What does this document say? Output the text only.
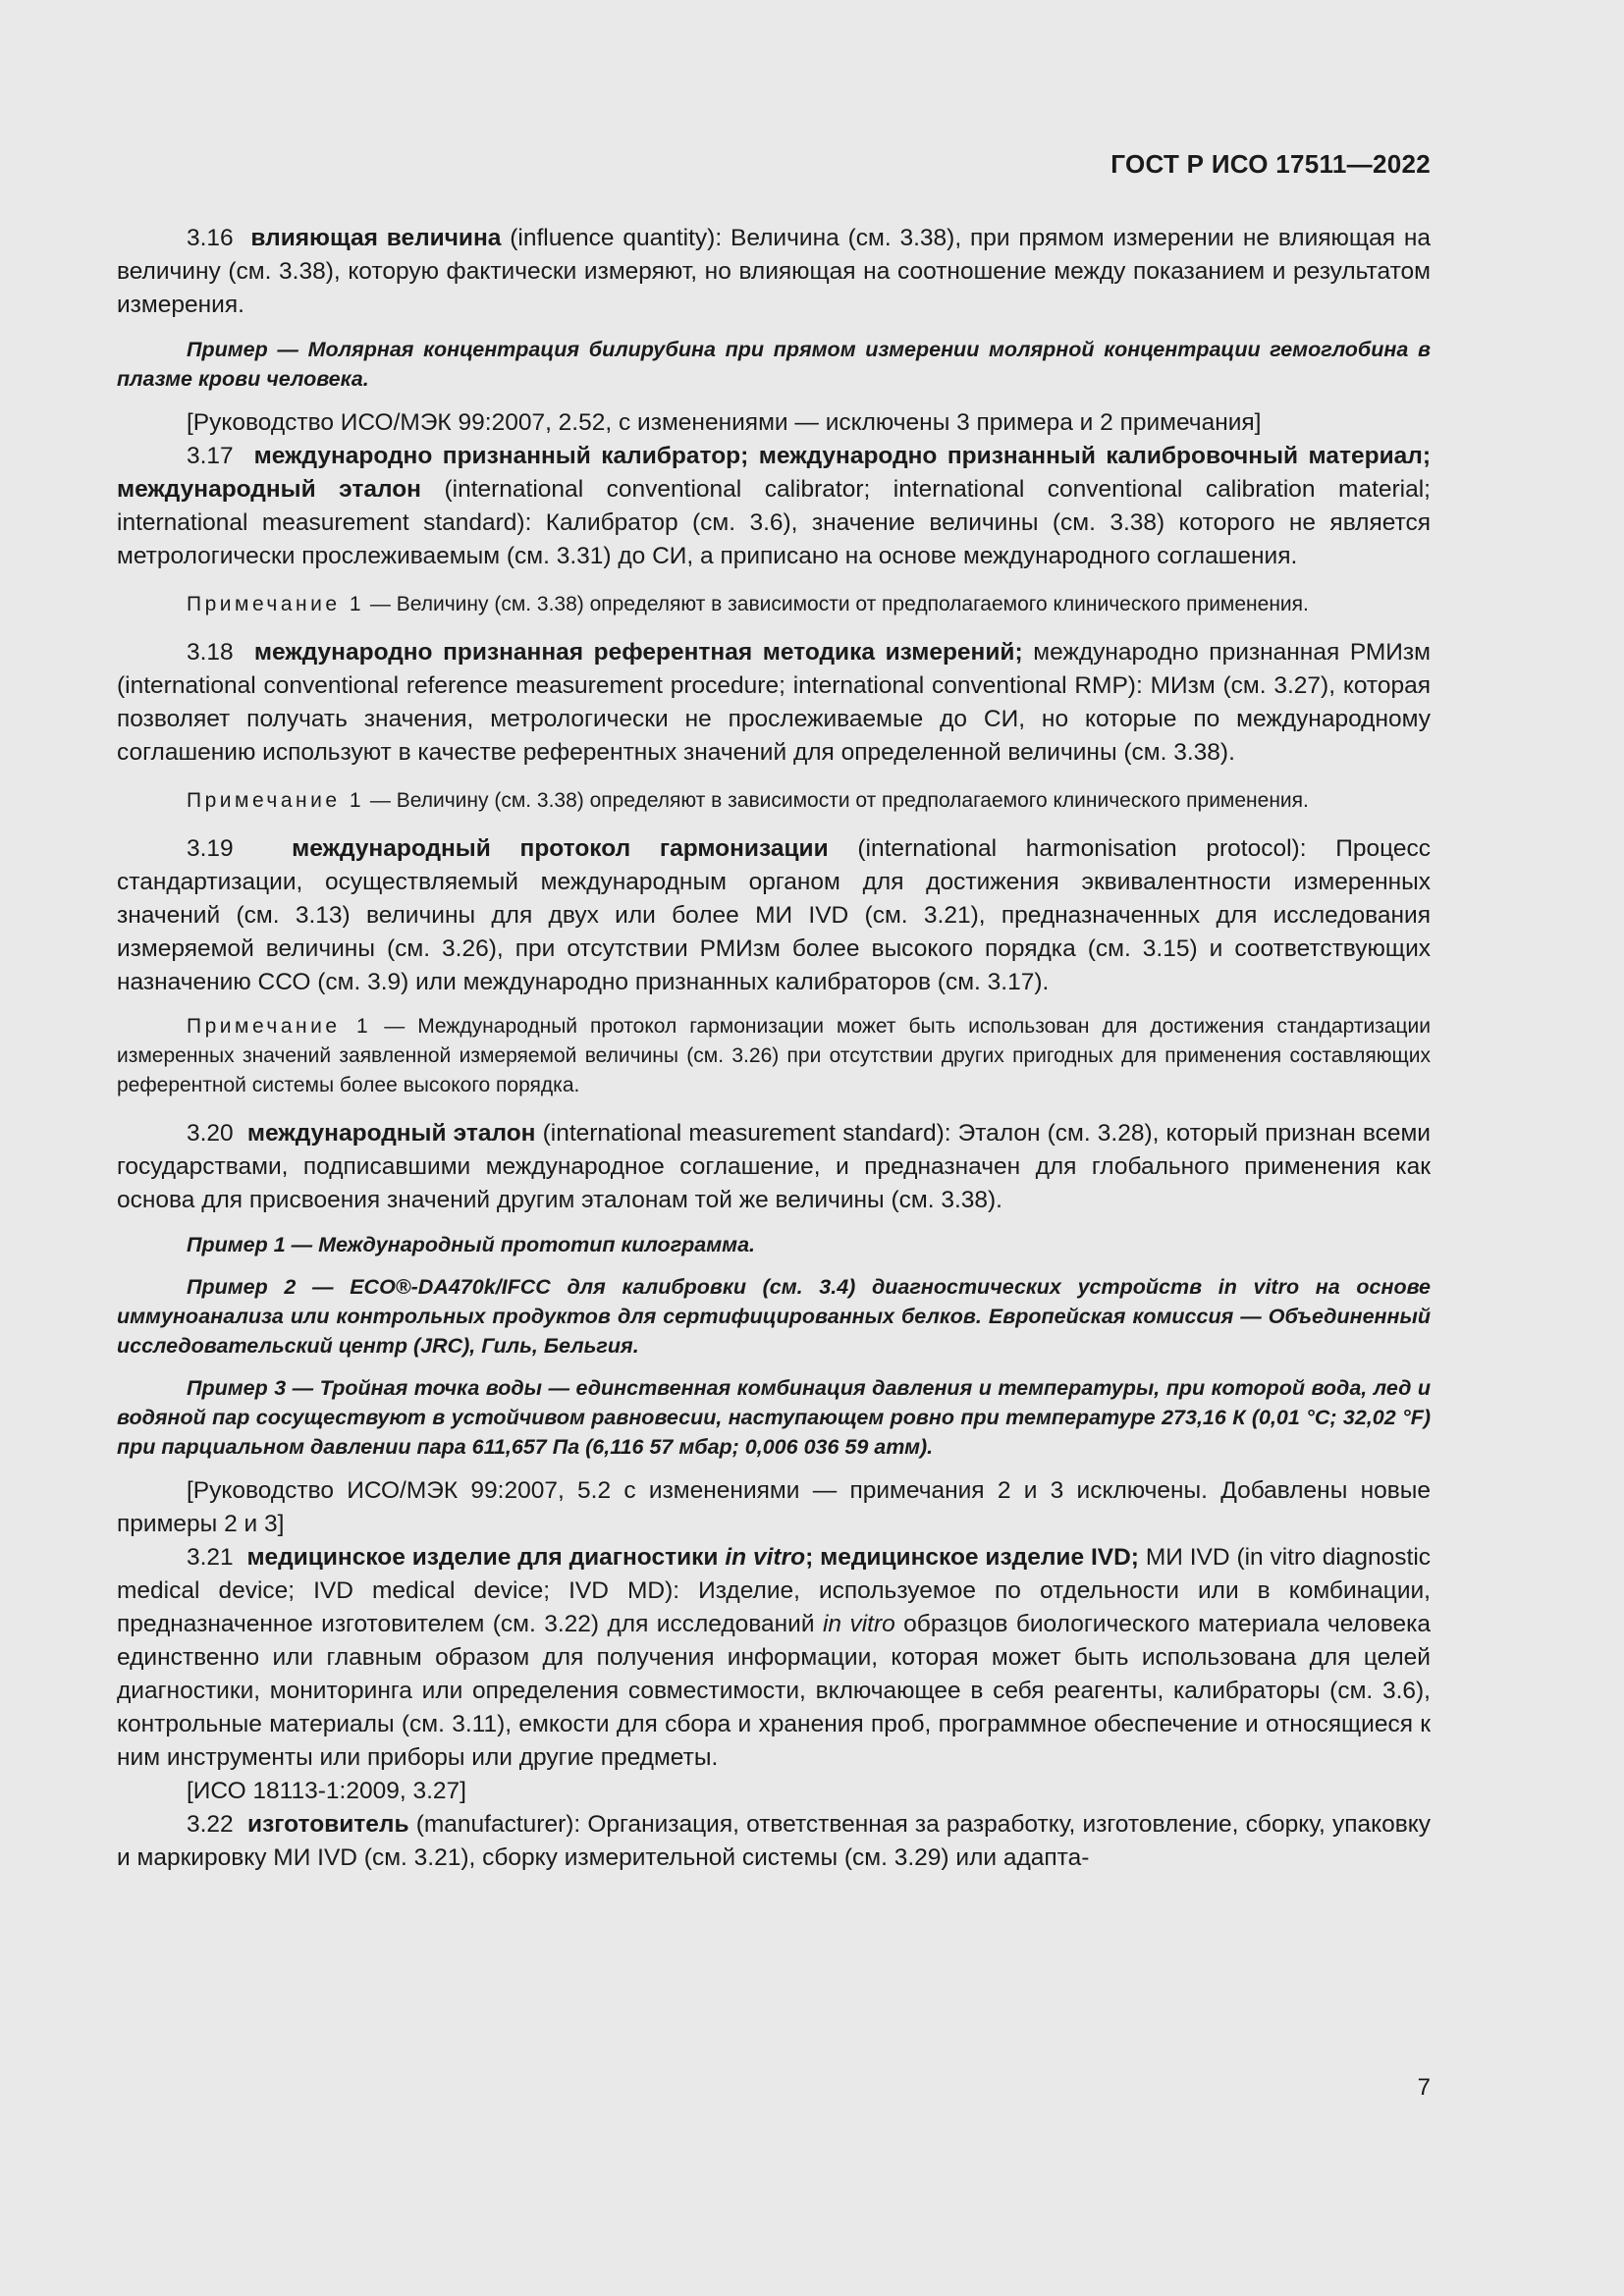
ГОСТ Р ИСО 17511—2022

3.16 влияющая величина (influence quantity): Величина (см. 3.38), при прямом измерении не влияющая на величину (см. 3.38), которую фактически измеряют, но влияющая на соотношение между показанием и результатом измерения.

Пример — Молярная концентрация билирубина при прямом измерении молярной концентрации гемоглобина в плазме крови человека.

[Руководство ИСО/МЭК 99:2007, 2.52, с изменениями — исключены 3 примера и 2 примечания]

3.17 международно признанный калибратор; международно признанный калибровочный материал; международный эталон (international conventional calibrator; international conventional calibration material; international measurement standard): Калибратор (см. 3.6), значение величины (см. 3.38) которого не является метрологически прослеживаемым (см. 3.31) до СИ, а приписано на основе международного соглашения.

Примечание 1 — Величину (см. 3.38) определяют в зависимости от предполагаемого клинического применения.

3.18 международно признанная референтная методика измерений; международно признанная РМИзм (international conventional reference measurement procedure; international conventional RMP): МИзм (см. 3.27), которая позволяет получать значения, метрологически не прослеживаемые до СИ, но которые по международному соглашению используют в качестве референтных значений для определенной величины (см. 3.38).

Примечание 1 — Величину (см. 3.38) определяют в зависимости от предполагаемого клинического применения.

3.19 международный протокол гармонизации (international harmonisation protocol): Процесс стандартизации, осуществляемый международным органом для достижения эквивалентности измеренных значений (см. 3.13) величины для двух или более МИ IVD (см. 3.21), предназначенных для исследования измеряемой величины (см. 3.26), при отсутствии РМИзм более высокого порядка (см. 3.15) и соответствующих назначению ССО (см. 3.9) или международно признанных калибраторов (см. 3.17).

Примечание 1 — Международный протокол гармонизации может быть использован для достижения стандартизации измеренных значений заявленной измеряемой величины (см. 3.26) при отсутствии других пригодных для применения составляющих референтной системы более высокого порядка.

3.20 международный эталон (international measurement standard): Эталон (см. 3.28), который признан всеми государствами, подписавшими международное соглашение, и предназначен для глобального применения как основа для присвоения значений другим эталонам той же величины (см. 3.38).

Пример 1 — Международный прототип килограмма.

Пример 2 — ECO®-DA470k/IFCC для калибровки (см. 3.4) диагностических устройств in vitro на основе иммуноанализа или контрольных продуктов для сертифицированных белков. Европейская комиссия — Объединенный исследовательский центр (JRC), Гиль, Бельгия.

Пример 3 — Тройная точка воды — единственная комбинация давления и температуры, при которой вода, лед и водяной пар сосуществуют в устойчивом равновесии, наступающем ровно при температуре 273,16 К (0,01 °С; 32,02 °F) при парциальном давлении пара 611,657 Па (6,116 57 мбар; 0,006 036 59 атм).

[Руководство ИСО/МЭК 99:2007, 5.2 с изменениями — примечания 2 и 3 исключены. Добавлены новые примеры 2 и 3]

3.21 медицинское изделие для диагностики in vitro; медицинское изделие IVD; МИ IVD (in vitro diagnostic medical device; IVD medical device; IVD MD): Изделие, используемое по отдельности или в комбинации, предназначенное изготовителем (см. 3.22) для исследований in vitro образцов биологического материала человека единственно или главным образом для получения информации, которая может быть использована для целей диагностики, мониторинга или определения совместимости, включающее в себя реагенты, калибраторы (см. 3.6), контрольные материалы (см. 3.11), емкости для сбора и хранения проб, программное обеспечение и относящиеся к ним инструменты или приборы или другие предметы.

[ИСО 18113-1:2009, 3.27]

3.22 изготовитель (manufacturer): Организация, ответственная за разработку, изготовление, сборку, упаковку и маркировку МИ IVD (см. 3.21), сборку измерительной системы (см. 3.29) или адапта-

7
